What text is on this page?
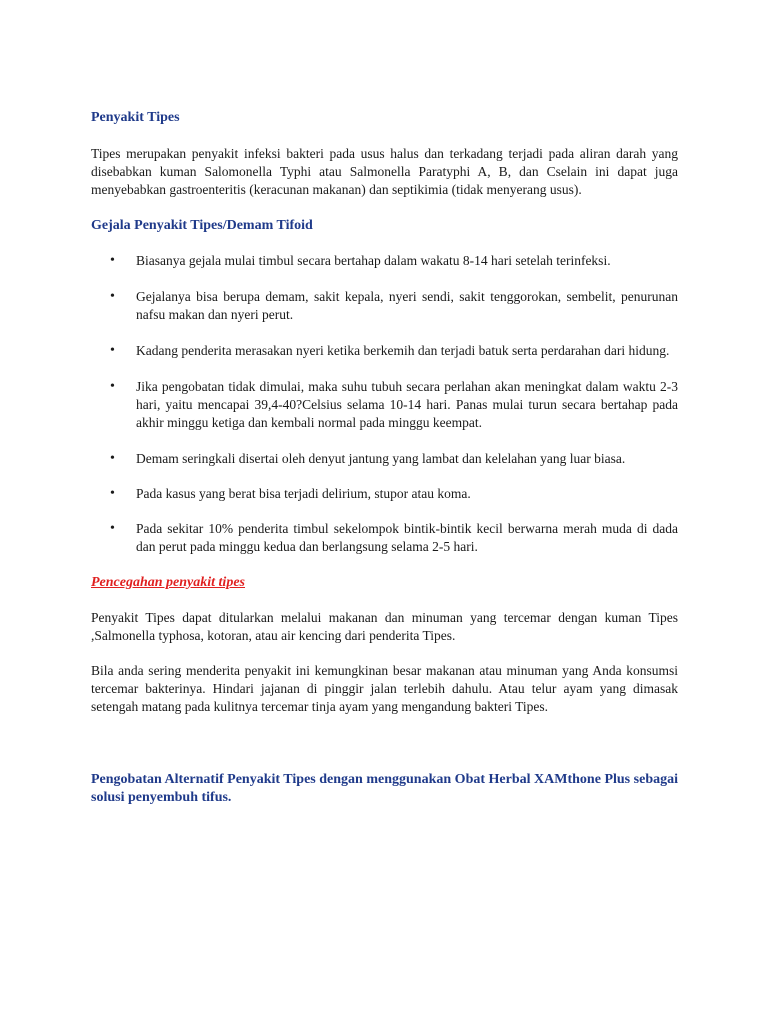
Penyakit Tipes

Tipes merupakan penyakit infeksi bakteri pada usus halus dan terkadang terjadi pada aliran darah yang disebabkan kuman Salomonella Typhi atau Salmonella Paratyphi A, B, dan Cselain ini dapat juga menyebabkan gastroenteritis (keracunan makanan) dan septikimia (tidak menyerang usus).

Gejala Penyakit Tipes/Demam Tifoid
• Biasanya gejala mulai timbul secara bertahap dalam wakatu 8-14 hari setelah terinfeksi.
• Gejalanya bisa berupa demam, sakit kepala, nyeri sendi, sakit tenggorokan, sembelit, penurunan nafsu makan dan nyeri perut.
• Kadang penderita merasakan nyeri ketika berkemih dan terjadi batuk serta perdarahan dari hidung.
• Jika pengobatan tidak dimulai, maka suhu tubuh secara perlahan akan meningkat dalam waktu 2-3 hari, yaitu mencapai 39,4-40?Celsius selama 10-14 hari. Panas mulai turun secara bertahap pada akhir minggu ketiga dan kembali normal pada minggu keempat.
• Demam seringkali disertai oleh denyut jantung yang lambat dan kelelahan yang luar biasa.
• Pada kasus yang berat bisa terjadi delirium, stupor atau koma.
• Pada sekitar 10% penderita timbul sekelompok bintik-bintik kecil berwarna merah muda di dada dan perut pada minggu kedua dan berlangsung selama 2-5 hari.
Pencegahan penyakit tipes

Penyakit Tipes dapat ditularkan melalui makanan dan minuman yang tercemar dengan kuman Tipes ,Salmonella typhosa, kotoran, atau air kencing dari penderita Tipes.

Bila anda sering menderita penyakit ini kemungkinan besar makanan atau minuman yang Anda konsumsi tercemar bakterinya. Hindari jajanan di pinggir jalan terlebih dahulu. Atau telur ayam yang dimasak setengah matang pada kulitnya tercemar tinja ayam yang mengandung bakteri Tipes.

Pengobatan Alternatif Penyakit Tipes dengan menggunakan Obat Herbal XAMthone Plus sebagai solusi penyembuh tifus.
